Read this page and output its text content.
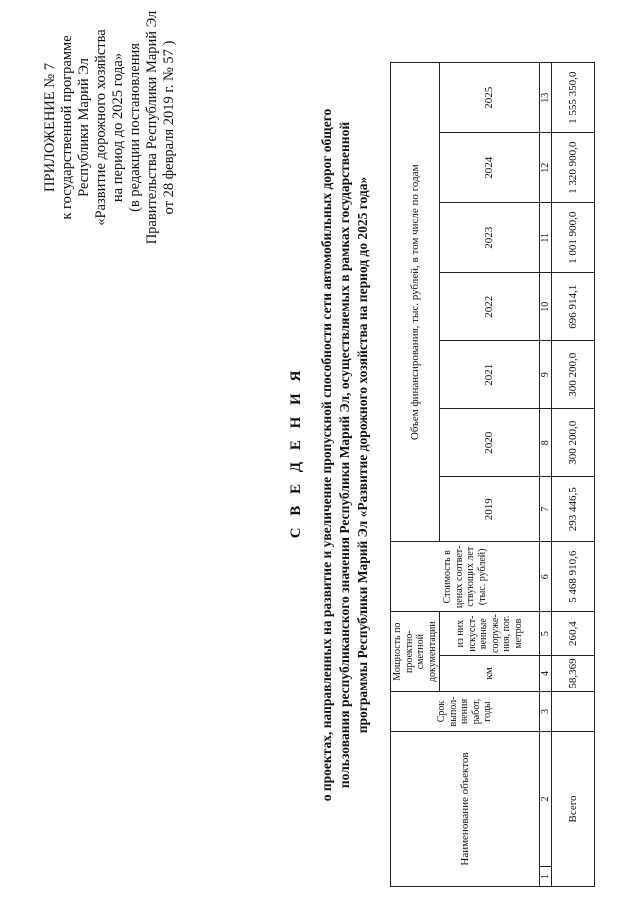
ПРИЛОЖЕНИЕ № 7 к государственной программе Республики Марий Эл «Развитие дорожного хозяйства на период до 2025 года» (в редакции постановления Правительства Республики Марий Эл от 28 февраля 2019 г. № 57 )
С В Е Д Е Н И Я о проектах, направленных на развитие и увеличение пропускной способности сети автомобильных дорог общего пользования республиканского значения Республики Марий Эл, осуществляемых в рамках государственной программы Республики Марий Эл «Развитие дорожного хозяйства на период до 2025 года»
Наименование объектов		Срок выпол-нения работ, годы	Мощность по проектно-сметной документации		Стоимость в ценах соответ-ствующих лет (тыс. рублей)	Объем финансирования, тыс. рублей, в том числе по годам						
			км	из них искусст-венные сооруже-ния, пог. метров		2019	2020	2021	2022	2023	2024	2025

1	2	3	4	5	6	7	8	9	10	11	12	13
Всего			58,369	260,4	5 468 910,6	293 446,5	300 200,0	300 200,0	696 914,1	1 001 900,0	1 320 900,0	1 555 350,0
